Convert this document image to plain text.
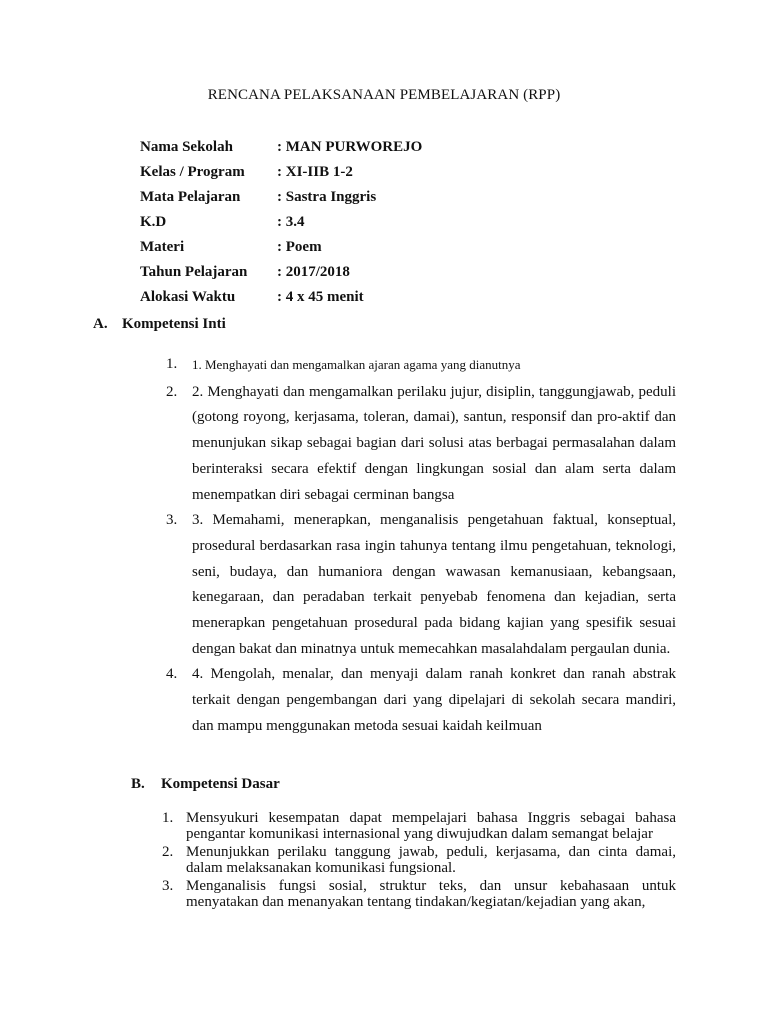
RENCANA PELAKSANAAN PEMBELAJARAN (RPP)
Nama Sekolah	: MAN PURWOREJO
Kelas / Program : XI-IIB 1-2
Mata Pelajaran : Sastra Inggris
K.D	: 3.4
Materi	: Poem
Tahun Pelajaran : 2017/2018
Alokasi Waktu	: 4 x 45 menit
A. Kompetensi Inti
1. 1. Menghayati dan mengamalkan ajaran agama yang dianutnya
2. 2. Menghayati dan mengamalkan perilaku jujur, disiplin, tanggungjawab, peduli (gotong royong, kerjasama, toleran, damai), santun, responsif dan pro-aktif dan menunjukan sikap sebagai bagian dari solusi atas berbagai permasalahan dalam berinteraksi secara efektif dengan lingkungan sosial dan alam serta dalam menempatkan diri sebagai cerminan bangsa
3. 3. Memahami, menerapkan, menganalisis pengetahuan faktual, konseptual, prosedural berdasarkan rasa ingin tahunya tentang ilmu pengetahuan, teknologi, seni, budaya, dan humaniora dengan wawasan kemanusiaan, kebangsaan, kenegaraan, dan peradaban terkait penyebab fenomena dan kejadian, serta menerapkan pengetahuan prosedural pada bidang kajian yang spesifik sesuai dengan bakat dan minatnya untuk memecahkan masalahdalam pergaulan dunia.
4. 4. Mengolah, menalar, dan menyaji dalam ranah konkret dan ranah abstrak terkait dengan pengembangan dari yang dipelajari di sekolah secara mandiri, dan mampu menggunakan metoda sesuai kaidah keilmuan
B. Kompetensi Dasar
1. Mensyukuri kesempatan dapat mempelajari bahasa Inggris sebagai bahasa pengantar komunikasi internasional yang diwujudkan dalam semangat belajar
2. Menunjukkan perilaku tanggung jawab, peduli, kerjasama, dan cinta damai, dalam melaksanakan komunikasi fungsional.
3. Menganalisis fungsi sosial, struktur teks, dan unsur kebahasaan untuk menyatakan dan menanyakan tentang tindakan/kegiatan/kejadian yang akan,
